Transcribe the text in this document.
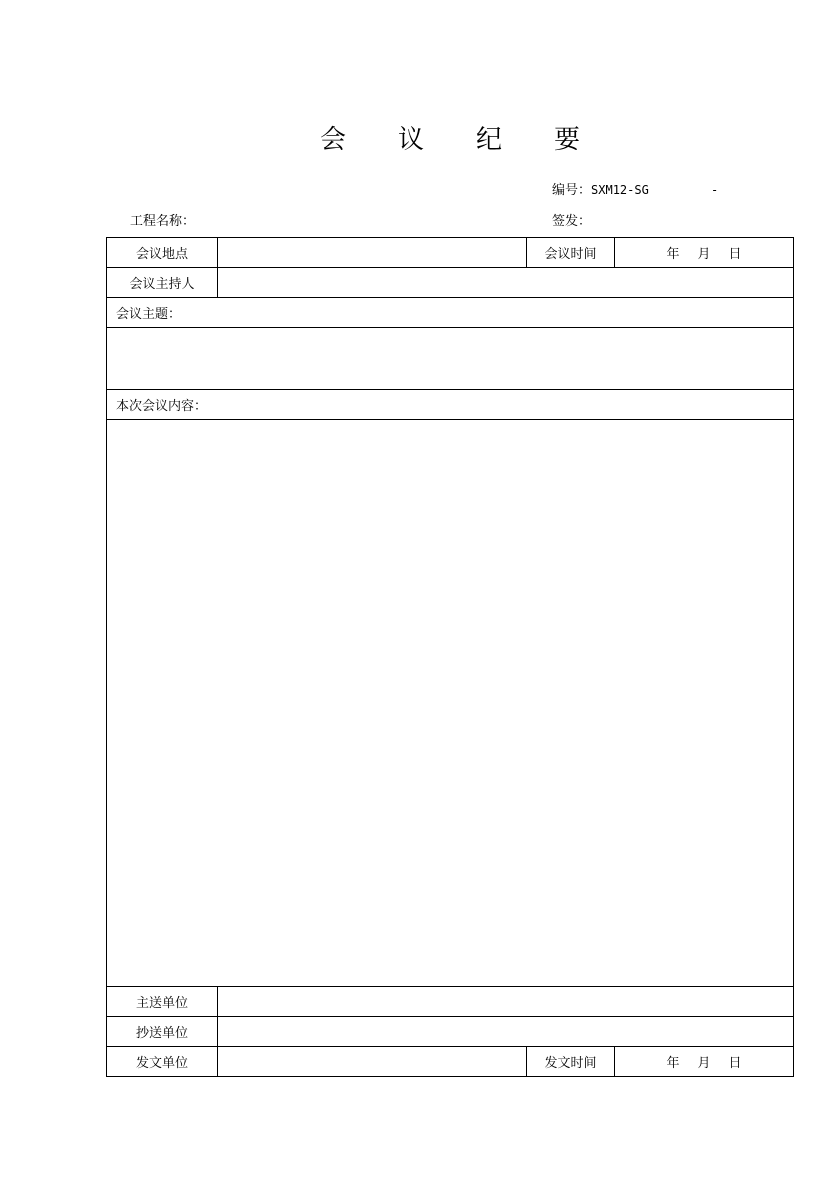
会 议 纪 要
编号：SXM12-SG	-
工程名称：	签发：
会议地点		会议时间	年 月 日
会议主持人			
会议主题：			

本次会议内容：			

主送单位			
抄送单位			
发文单位		发文时间	年 月 日
